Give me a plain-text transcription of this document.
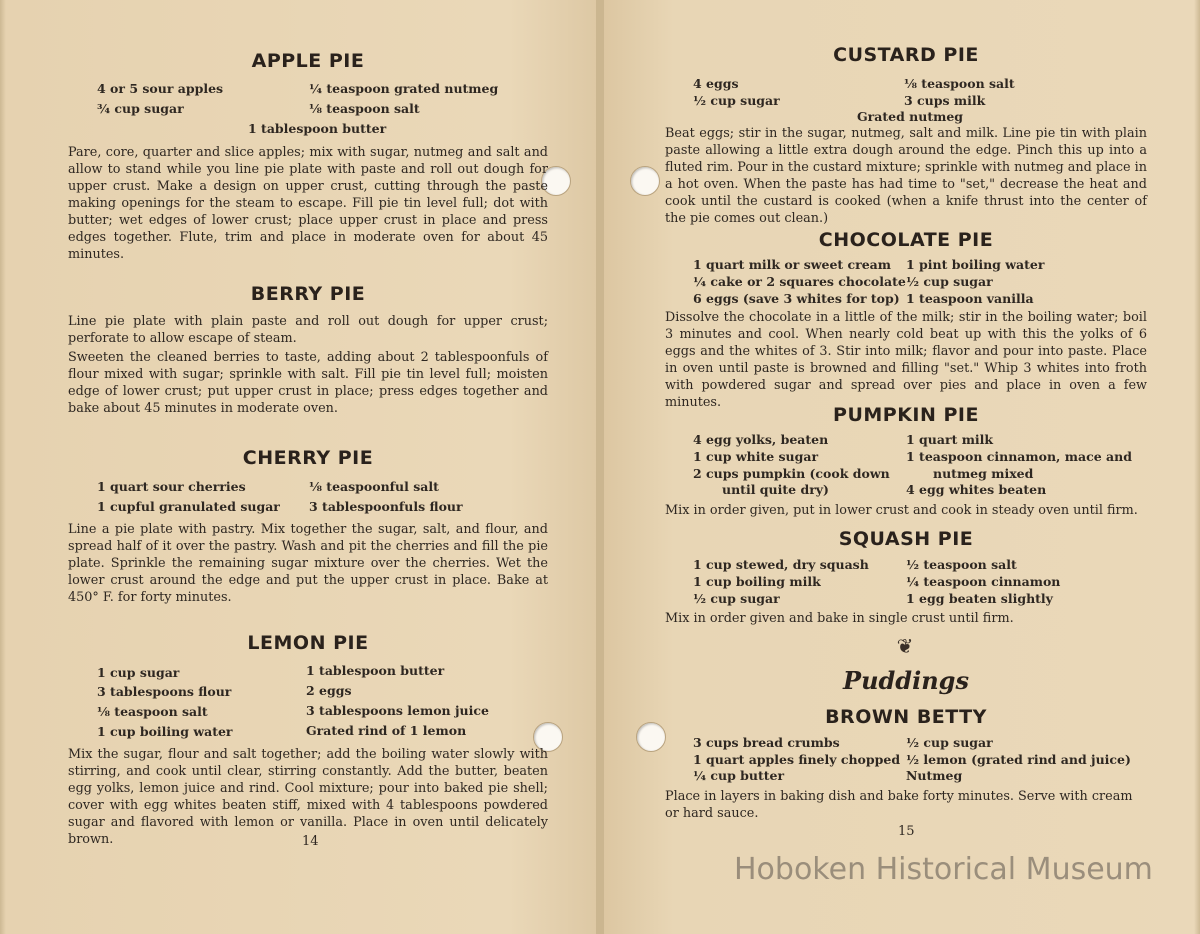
APPLE PIE
4 or 5 sour apples
¾ cup sugar
¼ teaspoon grated nutmeg
⅛ teaspoon salt
1 tablespoon butter
Pare, core, quarter and slice apples; mix with sugar, nutmeg and salt and allow to stand while you line pie plate with paste and roll out dough for upper crust. Make a design on upper crust, cutting through the paste making openings for the steam to escape. Fill pie tin level full; dot with butter; wet edges of lower crust; place upper crust in place and press edges together. Flute, trim and place in moderate oven for about 45 minutes.
BERRY PIE
Line pie plate with plain paste and roll out dough for upper crust; perforate to allow escape of steam.
Sweeten the cleaned berries to taste, adding about 2 tablespoonfuls of flour mixed with sugar; sprinkle with salt. Fill pie tin level full; moisten edge of lower crust; put upper crust in place; press edges together and bake about 45 minutes in moderate oven.
CHERRY PIE
1 quart sour cherries
1 cupful granulated sugar
⅛ teaspoonful salt
3 tablespoonfuls flour
Line a pie plate with pastry. Mix together the sugar, salt, and flour, and spread half of it over the pastry. Wash and pit the cherries and fill the pie plate. Sprinkle the remaining sugar mixture over the cherries. Wet the lower crust around the edge and put the upper crust in place. Bake at 450° F. for forty minutes.
LEMON PIE
1 cup sugar
3 tablespoons flour
⅛ teaspoon salt
1 cup boiling water
1 tablespoon butter
2 eggs
3 tablespoons lemon juice
Grated rind of 1 lemon
Mix the sugar, flour and salt together; add the boiling water slowly with stirring, and cook until clear, stirring constantly. Add the butter, beaten egg yolks, lemon juice and rind. Cool mixture; pour into baked pie shell; cover with egg whites beaten stiff, mixed with 4 tablespoons powdered sugar and flavored with lemon or vanilla. Place in oven until delicately brown.	14
CUSTARD PIE
4 eggs
½ cup sugar
⅛ teaspoon salt
3 cups milk
Grated nutmeg
Beat eggs; stir in the sugar, nutmeg, salt and milk. Line pie tin with plain paste allowing a little extra dough around the edge. Pinch this up into a fluted rim. Pour in the custard mixture; sprinkle with nutmeg and place in a hot oven. When the paste has had time to "set," decrease the heat and cook until the custard is cooked (when a knife thrust into the center of the pie comes out clean.)
CHOCOLATE PIE
1 quart milk or sweet cream
¼ cake or 2 squares chocolate
6 eggs (save 3 whites for top)
1 pint boiling water
½ cup sugar
1 teaspoon vanilla
Dissolve the chocolate in a little of the milk; stir in the boiling water; boil 3 minutes and cool. When nearly cold beat up with this the yolks of 6 eggs and the whites of 3. Stir into milk; flavor and pour into paste. Place in oven until paste is browned and filling "set." Whip 3 whites into froth with powdered sugar and spread over pies and place in oven a few minutes.
PUMPKIN PIE
4 egg yolks, beaten
1 cup white sugar
2 cups pumpkin (cook down
until quite dry)
1 quart milk
1 teaspoon cinnamon, mace and
nutmeg mixed
4 egg whites beaten
Mix in order given, put in lower crust and cook in steady oven until firm.
SQUASH PIE
1 cup stewed, dry squash
1 cup boiling milk
½ cup sugar
½ teaspoon salt
¼ teaspoon cinnamon
1 egg beaten slightly
Mix in order given and bake in single crust until firm.
❦
Puddings
BROWN BETTY
3 cups bread crumbs
1 quart apples finely chopped
¼ cup butter
½ cup sugar
½ lemon (grated rind and juice)
Nutmeg
Place in layers in baking dish and bake forty minutes. Serve with cream or hard sauce.
15
Hoboken Historical Museum
